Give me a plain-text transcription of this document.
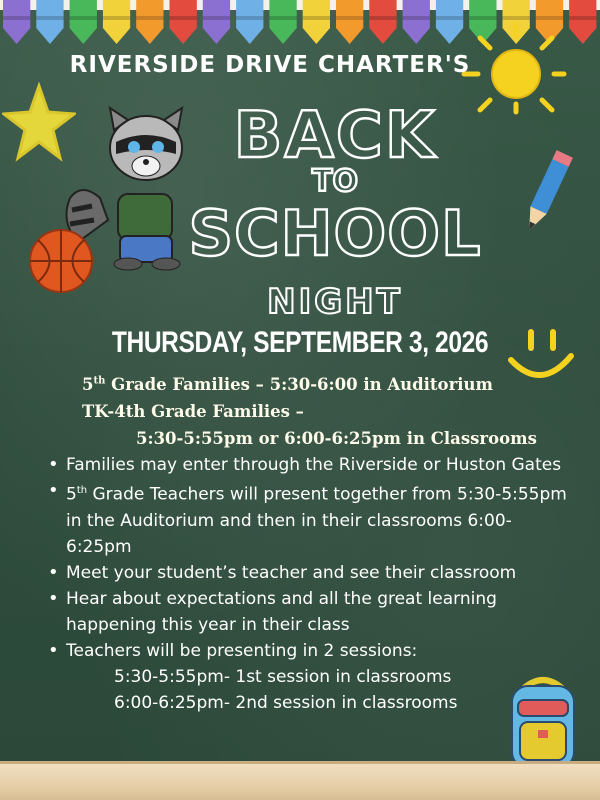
RIVERSIDE DRIVE CHARTER'S
BACK
TO
SCHOOL
NIGHT
THURSDAY, SEPTEMBER 3, 2026
5th Grade Families – 5:30-6:00 in Auditorium
TK-4th Grade Families –
5:30-5:55pm or 6:00-6:25pm in Classrooms
• Families may enter through the Riverside or Huston Gates
• 5th Grade Teachers will present together from 5:30-5:55pm in the Auditorium and then in their classrooms 6:00-6:25pm
• Meet your student’s teacher and see their classroom
• Hear about expectations and all the great learning happening this year in their class
• Teachers will be presenting in 2 sessions:
5:30-5:55pm- 1st session in classrooms
6:00-6:25pm- 2nd session in classrooms
